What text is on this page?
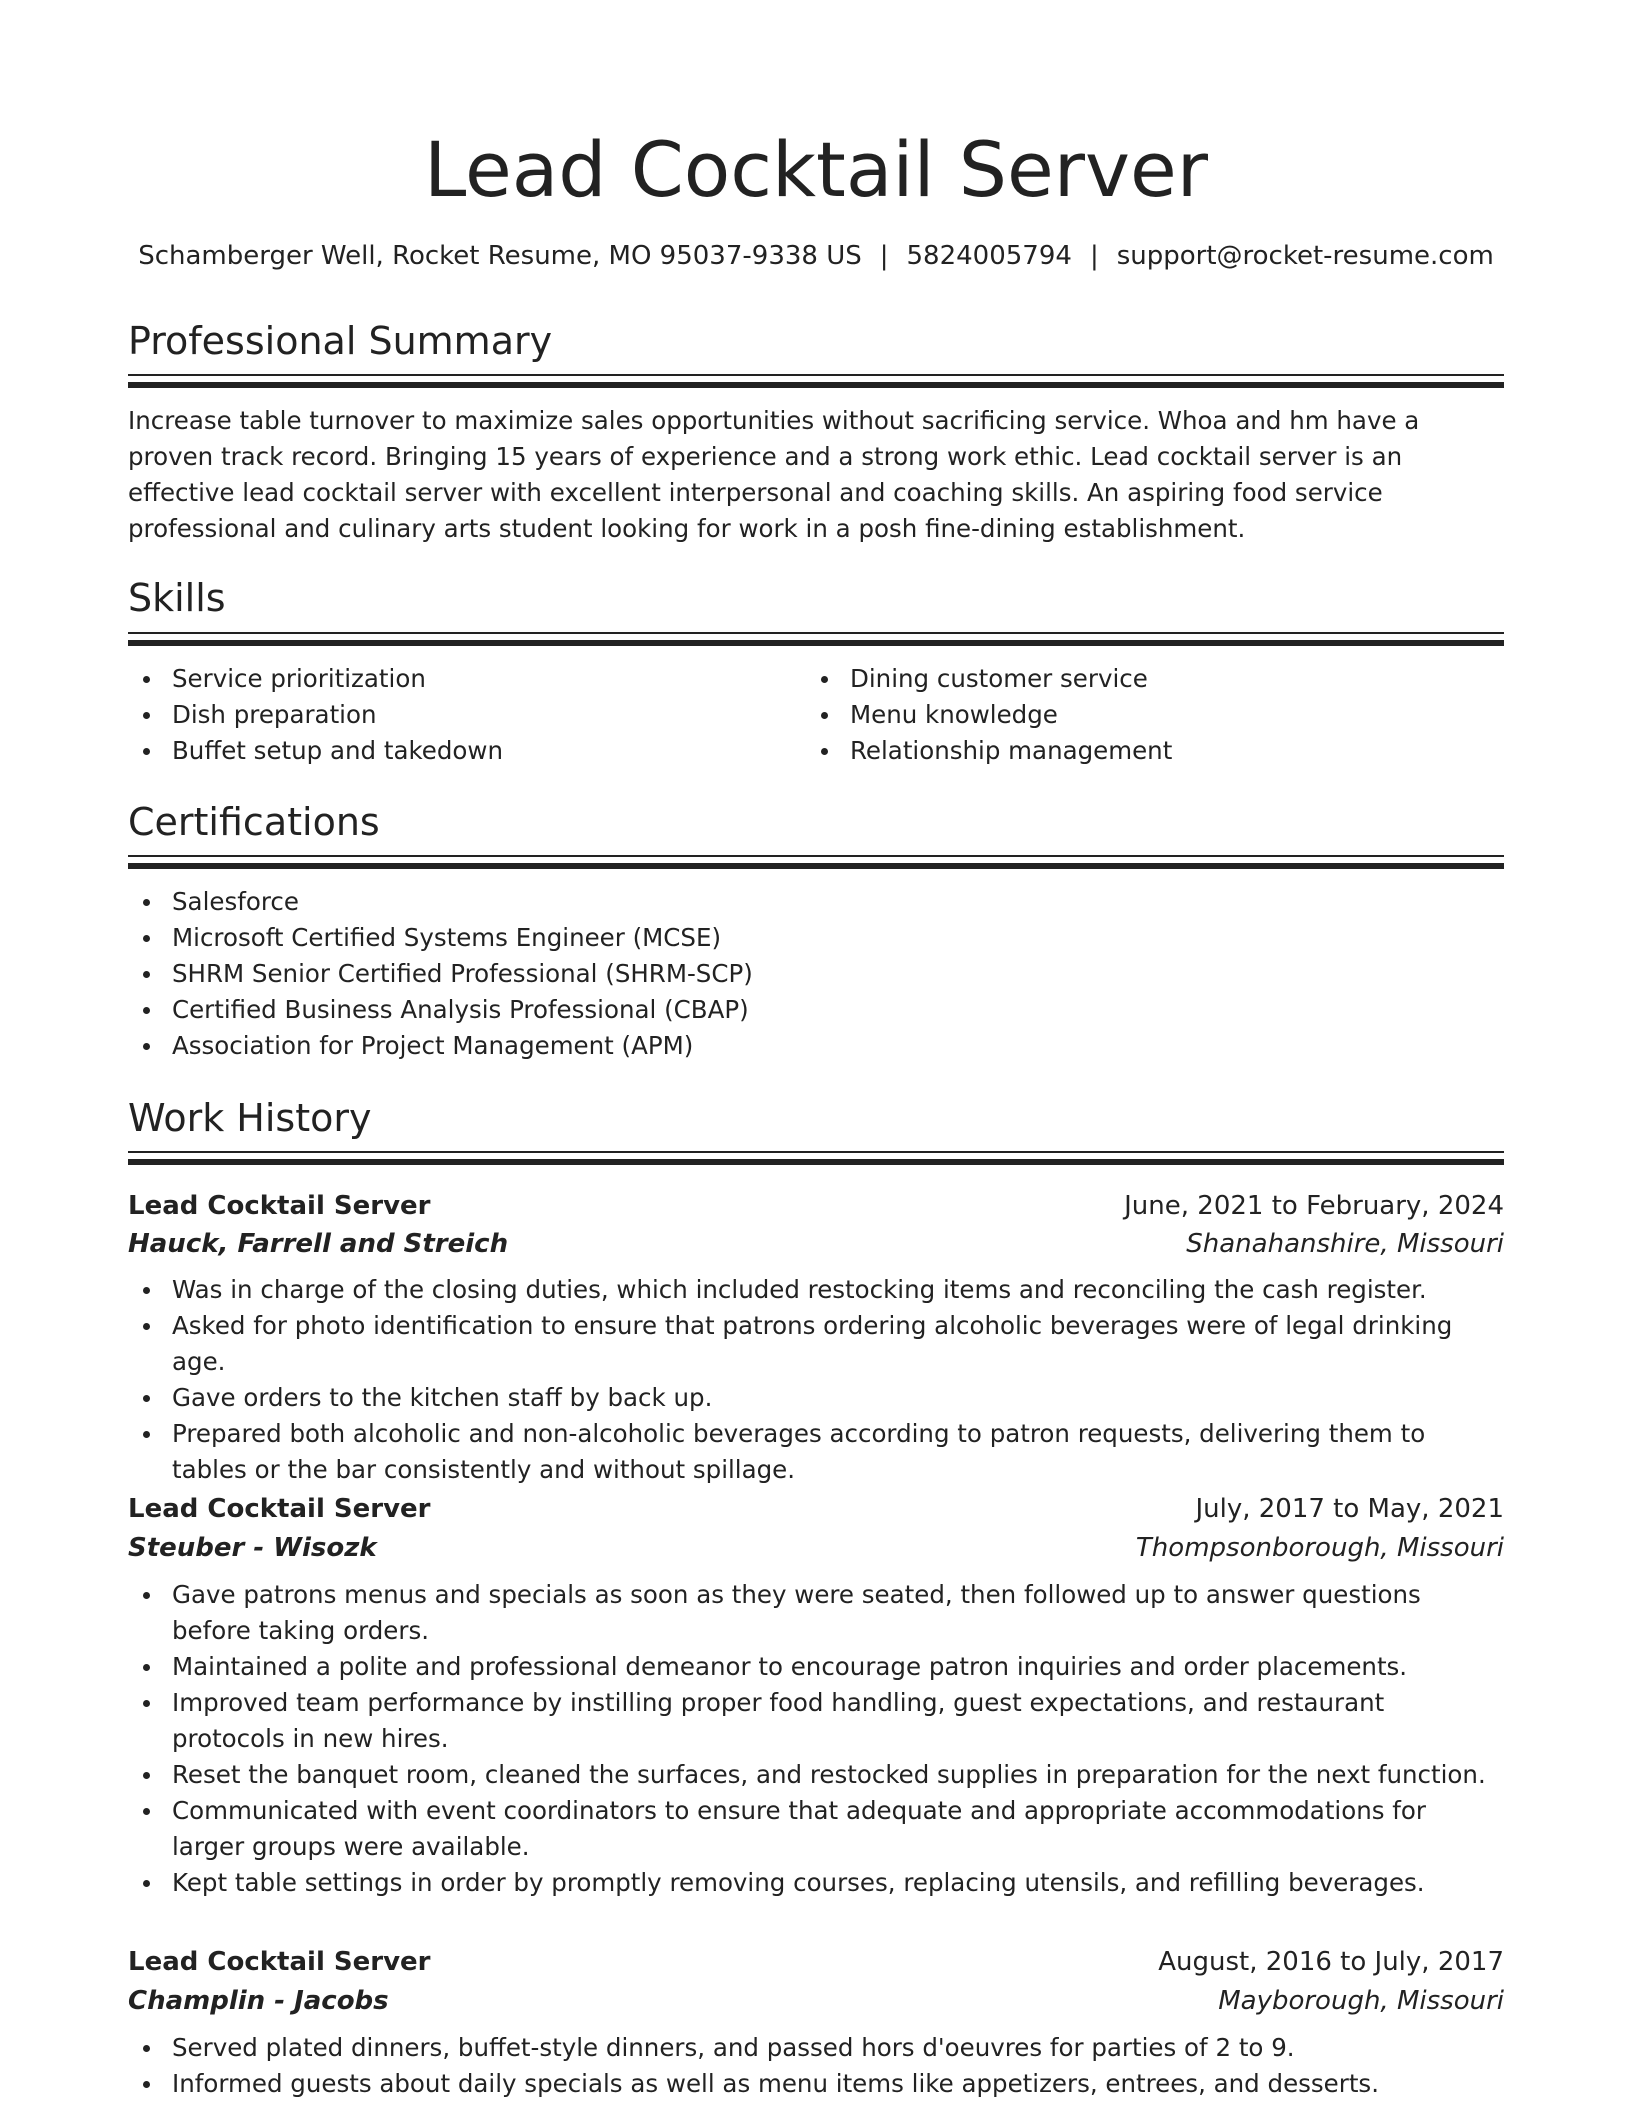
Lead Cocktail Server
Schamberger Well, Rocket Resume, MO 95037-9338 US | 5824005794 | support@rocket-resume.com
Professional Summary

Increase table turnover to maximize sales opportunities without sacrificing service. Whoa and hm have a proven track record. Bringing 15 years of experience and a strong work ethic. Lead cocktail server is an effective lead cocktail server with excellent interpersonal and coaching skills. An aspiring food service professional and culinary arts student looking for work in a posh fine-dining establishment.

Skills
Service prioritization
Dish preparation
Buffet setup and takedown
Dining customer service
Menu knowledge
Relationship management
Certifications
Salesforce
Microsoft Certified Systems Engineer (MCSE)
SHRM Senior Certified Professional (SHRM-SCP)
Certified Business Analysis Professional (CBAP)
Association for Project Management (APM)
Work History
Lead Cocktail Server	June, 2021 to February, 2024
Hauck, Farrell and Streich	Shanahanshire, Missouri
Was in charge of the closing duties, which included restocking items and reconciling the cash register.
Asked for photo identification to ensure that patrons ordering alcoholic beverages were of legal drinking age.
Gave orders to the kitchen staff by back up.
Prepared both alcoholic and non-alcoholic beverages according to patron requests, delivering them to tables or the bar consistently and without spillage.
Lead Cocktail Server	July, 2017 to May, 2021
Steuber - Wisozk	Thompsonborough, Missouri
Gave patrons menus and specials as soon as they were seated, then followed up to answer questions before taking orders.
Maintained a polite and professional demeanor to encourage patron inquiries and order placements.
Improved team performance by instilling proper food handling, guest expectations, and restaurant protocols in new hires.
Reset the banquet room, cleaned the surfaces, and restocked supplies in preparation for the next function.
Communicated with event coordinators to ensure that adequate and appropriate accommodations for larger groups were available.
Kept table settings in order by promptly removing courses, replacing utensils, and refilling beverages.
Lead Cocktail Server	August, 2016 to July, 2017
Champlin - Jacobs	Mayborough, Missouri
Served plated dinners, buffet-style dinners, and passed hors d'oeuvres for parties of 2 to 9.
Informed guests about daily specials as well as menu items like appetizers, entrees, and desserts.
